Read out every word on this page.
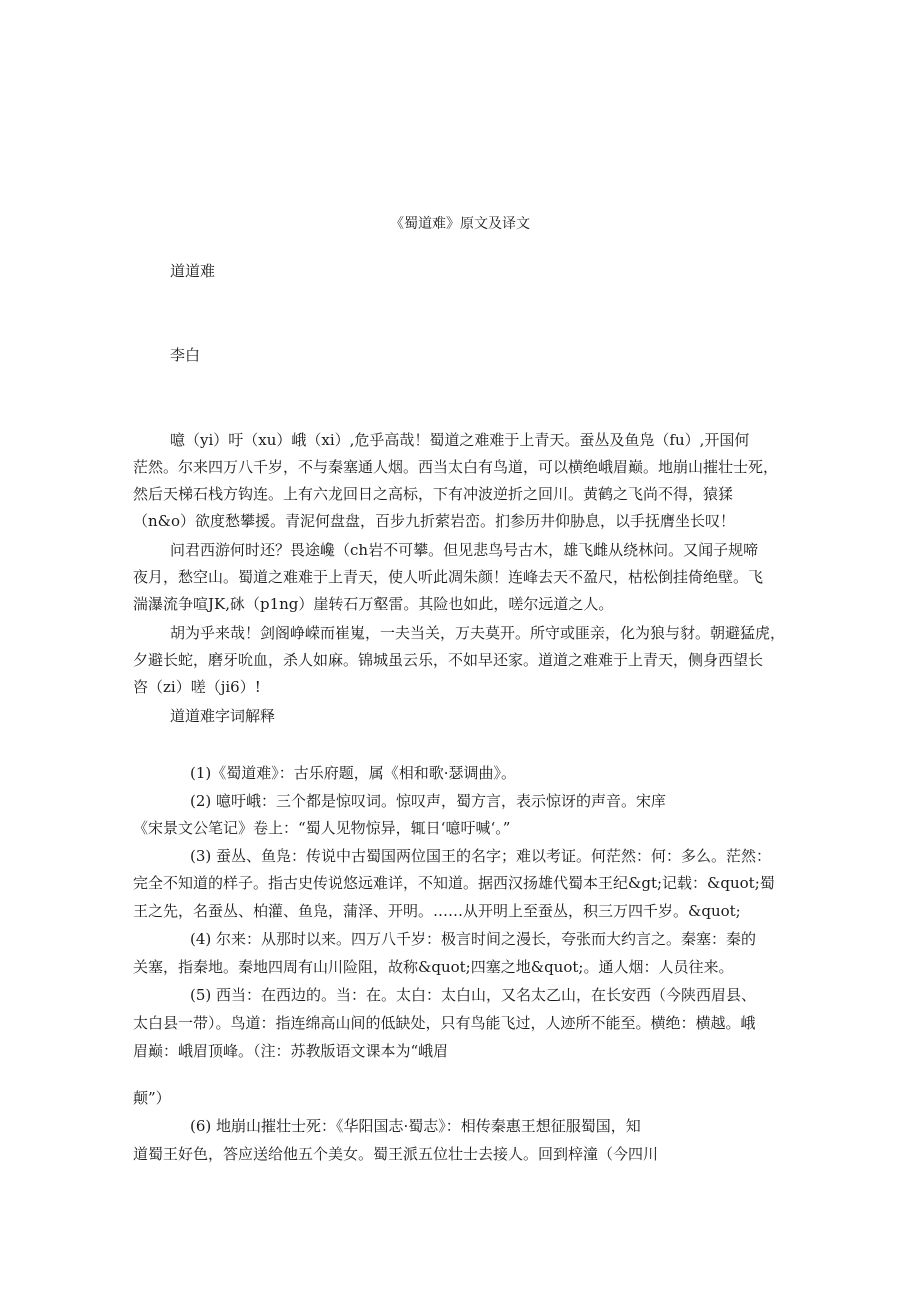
《蜀道难》原文及译文
道道难
李白
噫（yi）吁（xu）峨（xi）,危乎高哉！蜀道之难难于上青天。蚕丛及鱼凫（fu）,开国何
茫然。尔来四万八千岁，不与秦塞通人烟。西当太白有鸟道，可以横绝峨眉巅。地崩山摧壮士死，
然后天梯石栈方钩连。上有六龙回日之高标，下有冲波逆折之回川。黄鹤之飞尚不得，猿猱
（n&o）欲度愁攀援。青泥何盘盘，百步九折萦岩峦。扪参历井仰胁息，以手抚膺坐长叹！
问君西游何时还？畏途巉（ch岩不可攀。但见悲鸟号古木，雄飞雌从绕林问。又闻子规啼
夜月，愁空山。蜀道之难难于上青天，使人听此凋朱颜！连峰去天不盈尺，枯松倒挂倚绝壁。飞
湍瀑流争喧JK,砯（p1ng）崖转石万壑雷。其险也如此，嗟尔远道之人。
胡为乎来哉！剑阁峥嵘而崔嵬，一夫当关，万夫莫开。所守或匪亲，化为狼与豺。朝避猛虎，
夕避长蛇，磨牙吮血，杀人如麻。锦城虽云乐，不如早还家。道道之难难于上青天，侧身西望长
咨（zi）嗟（ji6）!
道道难字词解释
(1)《蜀道难》：古乐府题，属《相和歌·瑟调曲》。
(2) 噫吁峨：三个都是惊叹词。惊叹声，蜀方言，表示惊讶的声音。宋庠
《宋景文公笔记》卷上：“蜀人见物惊异，辄日‘噫吁喊‘。”
(3) 蚕丛、鱼凫：传说中古蜀国两位国王的名字；难以考证。何茫然：何：多么。茫然：
完全不知道的样子。指古史传说悠远难详，不知道。据西汉扬雄代蜀本王纪&gt;记载：&quot;蜀
王之先，名蚕丛、柏灌、鱼凫，蒲泽、开明。……从开明上至蚕丛，积三万四千岁。&quot;
(4) 尔来：从那时以来。四万八千岁：极言时间之漫长，夸张而大约言之。秦塞：秦的
关塞，指秦地。秦地四周有山川险阻，故称&quot;四塞之地&quot;。通人烟：人员往来。
(5) 西当：在西边的。当：在。太白：太白山，又名太乙山，在长安西（今陕西眉县、
太白县一带）。鸟道：指连绵高山间的低缺处，只有鸟能飞过，人迹所不能至。横绝：横越。峨
眉巅：峨眉顶峰。（注：苏教版语文课本为“峨眉
颠”）
(6) 地崩山摧壮士死：《华阳国志·蜀志》：相传秦惠王想征服蜀国，知
道蜀王好色，答应送给他五个美女。蜀王派五位壮士去接人。回到梓潼（今四川
